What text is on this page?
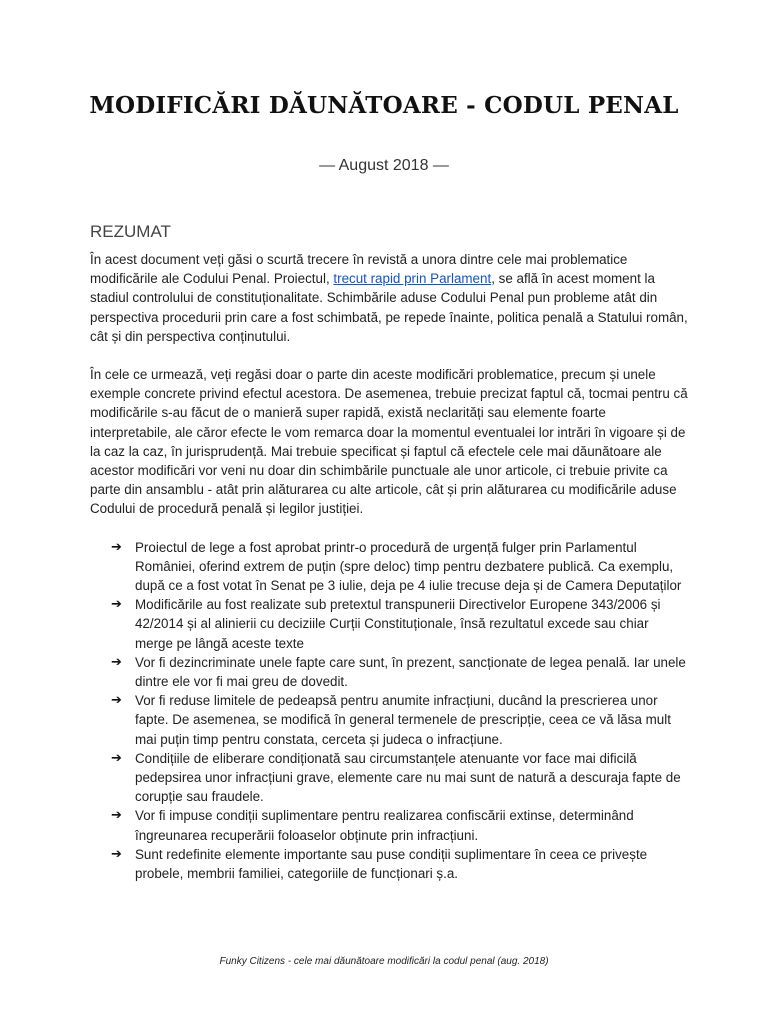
MODIFICĂRI DĂUNĂTOARE - CODUL PENAL

— August 2018 —

REZUMAT

În acest document veți găsi o scurtă trecere în revistă a unora dintre cele mai problematice modificările ale Codului Penal. Proiectul, trecut rapid prin Parlament, se află în acest moment la stadiul controlului de constituționalitate. Schimbările aduse Codului Penal pun probleme atât din perspectiva procedurii prin care a fost schimbată, pe repede înainte, politica penală a Statului român, cât și din perspectiva conținutului.

În cele ce urmează, veți regăsi doar o parte din aceste modificări problematice, precum și unele exemple concrete privind efectul acestora. De asemenea, trebuie precizat faptul că, tocmai pentru că modificările s-au făcut de o manieră super rapidă, există neclarități sau elemente foarte interpretabile, ale căror efecte le vom remarca doar la momentul eventualei lor intrări în vigoare și de la caz la caz, în jurisprudență. Mai trebuie specificat și faptul că efectele cele mai dăunătoare ale acestor modificări vor veni nu doar din schimbările punctuale ale unor articole, ci trebuie privite ca parte din ansamblu - atât prin alăturarea cu alte articole, cât și prin alăturarea cu modificările aduse Codului de procedură penală și legilor justiției.

➔ Proiectul de lege a fost aprobat printr-o procedură de urgență fulger prin Parlamentul României, oferind extrem de puțin (spre deloc) timp pentru dezbatere publică. Ca exemplu, după ce a fost votat în Senat pe 3 iulie, deja pe 4 iulie trecuse deja și de Camera Deputaților
➔ Modificările au fost realizate sub pretextul transpunerii Directivelor Europene 343/2006 și 42/2014 și al alinierii cu deciziile Curții Constituționale, însă rezultatul excede sau chiar merge pe lângă aceste texte
➔ Vor fi dezincriminate unele fapte care sunt, în prezent, sancționate de legea penală. Iar unele dintre ele vor fi mai greu de dovedit.
➔ Vor fi reduse limitele de pedeapsă pentru anumite infracțiuni, ducând la prescrierea unor fapte. De asemenea, se modifică în general termenele de prescripție, ceea ce vă lăsa mult mai puțin timp pentru constata, cerceta și judeca o infracțiune.
➔ Condițiile de eliberare condiționată sau circumstanțele atenuante vor face mai dificilă pedepsirea unor infracțiuni grave, elemente care nu mai sunt de natură a descuraja fapte de corupție sau fraudele.
➔ Vor fi impuse condiții suplimentare pentru realizarea confiscării extinse, determinând îngreunarea recuperării foloaselor obținute prin infracțiuni.
➔ Sunt redefinite elemente importante sau puse condiții suplimentare în ceea ce privește probele, membrii familiei, categoriile de funcționari ș.a.

Funky Citizens - cele mai dăunătoare modificări la codul penal (aug. 2018)
